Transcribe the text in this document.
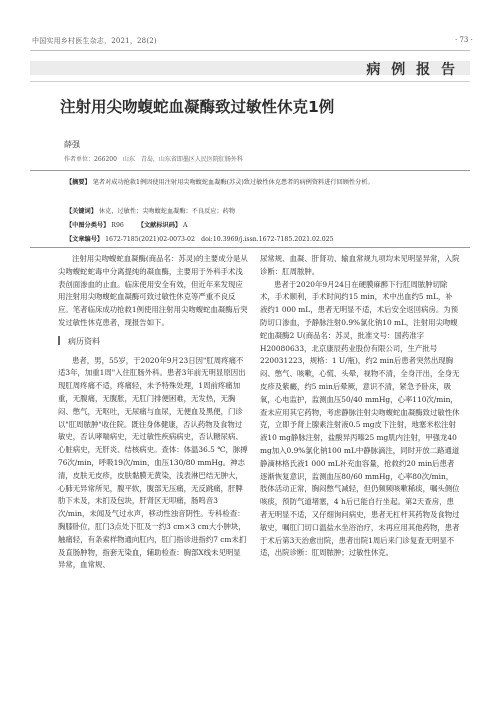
中国实用乡村医生杂志，2021，28(2)	· 73 ·
病 例 报 告
注射用尖吻蝮蛇血凝酶致过敏性休克1例
薛强
作者单位：266200　山东　青岛，山东省即墨区人民医院肛肠外科
【摘要】 笔者对成功抢救1例因使用注射用尖吻蝮蛇血凝酶(苏灵)致过敏性休克患者的病例资料进行回顾性分析。
【关键词】 休克，过敏性；尖吻蝮蛇血凝酶；不良反应；药物
【中图分类号】 R96 【文献标识码】 A
【文章编号】 1672-7185(2021)02-0073-02　doi:10.3969/j.issn.1672-7185.2021.02.025

注射用尖吻蝮蛇血凝酶(商品名：苏灵)的主要成分是从尖吻蝮蛇蛇毒中分离提纯的凝血酶，主要用于外科手术浅表创面渗血的止血。临床使用安全有效，但近年来发现应用注射用尖吻蝮蛇血凝酶可致过敏性休克等严重不良反应。笔者临床成功抢救1例使用注射用尖吻蝮蛇血凝酶后突发过敏性休克患者，现报告如下。

病历资料

患者，男，55岁，于2020年9月23日因"肛周疼痛不适3年，加重1周"入住肛肠外科。患者3年前无明显原因出现肛周疼痛不适，疼痛轻，未予特殊处理，1周前疼痛加重，无腹痛，无腹胀，无肛门排便困难，无发热，无胸闷、憋气，无呕吐，无尿痛与血尿，无便血及黑便，门诊以"肛周脓肿"收住院。既往身体健康，否认药物及食物过敏史，否认哮喘病史，无过敏性疾病病史，否认糖尿病、心脏病史，无肝炎、结核病史。查体：体温36.5 ℃，脉搏76次/min，呼吸19次/min，血压130/80 mmHg。神志清，皮肤无皮疹，皮肤黏膜无黄染，浅表淋巴结无肿大，心肺无异常所见，腹平软，腹部无压痛，无反跳痛，肝脾肋下未及，未扪及包块，肝肾区无叩痛，肠鸣音3次/min，未闻及气过水声，移动性浊音阴性。专科检查：胸膝卧位，肛门3点处下肛及一约3 cm×3 cm大小肿块，触痛轻，有条索样物通向肛内，肛门指诊进指约7 cm未扪及直肠肿物，指套无染血，辅助检查：胸部X线未见明显异常，血常规、

尿常规、血凝、肝肾功、输血常规九项均未见明显异常，入院诊断：肛周脓肿。

患者于2020年9月24日在硬膜麻醉下行肛周脓肿切除术，手术顺利，手术时间约15 min，术中出血约5 mL，补液约1 000 mL，患者无明显不适，术后安全返回病房。为预防切口渗血，予静脉注射0.9%氯化钠10 mL，注射用尖吻蝮蛇血凝酶2 U(商品名：苏灵，批准文号：国药准字H20080633，北京康辰药业股份有限公司，生产批号220031223，规格：1 U/瓶)，约2 min后患者突然出现胸闷、憋气、咳嗽，心慌、头晕，视物不清，全身汗出，全身无皮疹及紫癜，约5 min后晕厥，意识不清，紧急予卧床，吸氧，心电监护，监测血压50/40 mmHg，心率110次/min，查未应用其它药物，考虑静脉注射尖吻蝮蛇血凝酶致过敏性休克，立即予肾上腺素注射液0.5 mg皮下注射，地塞米松注射液10 mg静脉注射，盐酸异丙嗪25 mg肌内注射，甲强龙40 mg加入0.9%氯化钠100 mL中静脉滴注，同时开放二路通道静滴林格氏液1 000 mL补充血容量，抢救约20 min后患者逐渐恢复意识，监测血压80/60 mmHg，心率80次/min，肢体活动正常，胸闷憋气减轻，但仍频频咳嗽稀痰，嘱头侧位咳痰，预防气道堵塞，4 h后已能自行坐起。第2天查房，患者无明显不适，又仔细询问病史，患者无杠杆其药物及食物过敏史，嘱肛门切口温盐水坐浴治疗，未再应用其他药物，患者于术后第3天治愈出院，患者出院1周后来门诊复查无明显不适，出院诊断：肛周脓肿；过敏性休克。
